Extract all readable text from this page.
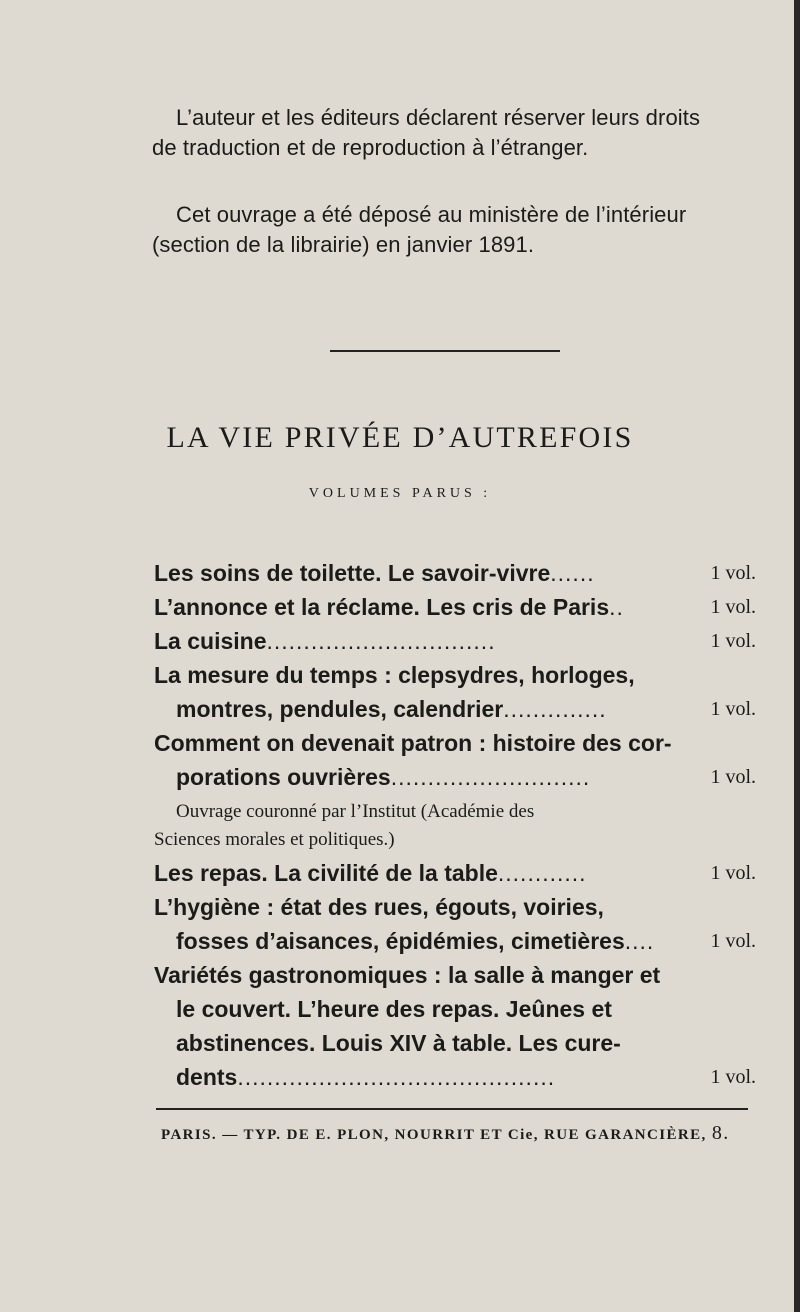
L’auteur et les éditeurs déclarent réserver leurs droits

de traduction et de reproduction à l’étranger.

Cet ouvrage a été déposé au ministère de l’intérieur

(section de la librairie) en janvier 1891.
LA VIE PRIVÉE D’AUTREFOIS
VOLUMES PARUS :
Les soins de toilette. Le savoir-vivre......	1 vol.
L’annonce et la réclame. Les cris de Paris..	1 vol.
La cuisine...............................	1 vol.
La mesure du temps : clepsydres, horloges,
montres, pendules, calendrier..............	1 vol.
Comment on devenait patron : histoire des cor-
porations ouvrières...........................	1 vol.
Ouvrage couronné par l’Institut (Académie des
Sciences morales et politiques.)
Les repas. La civilité de la table............	1 vol.
L’hygiène : état des rues, égouts, voiries,
fosses d’aisances, épidémies, cimetières....	1 vol.
Variétés gastronomiques : la salle à manger et
le couvert. L’heure des repas. Jeûnes et
abstinences. Louis XIV à table. Les cure-
dents...........................................	1 vol.
PARIS. — TYP. DE E. PLON, NOURRIT ET Cie, RUE GARANCIÈRE, 8.
